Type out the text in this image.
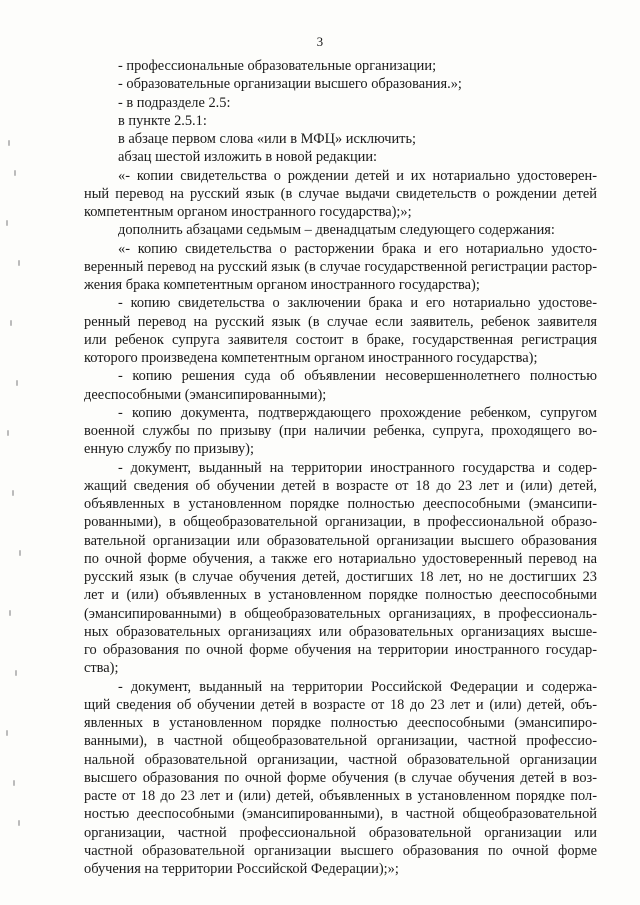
3
- профессиональные образовательные организации;
- образовательные организации высшего образования.»;
- в подразделе 2.5:
в пункте 2.5.1:
в абзаце первом слова «или в МФЦ» исключить;
абзац шестой изложить в новой редакции:
«- копии свидетельства о рождении детей и их нотариально удостоверен-
ный перевод на русский язык (в случае выдачи свидетельств о рождении детей
компетентным органом иностранного государства);»;
дополнить абзацами седьмым – двенадцатым следующего содержания:
«- копию свидетельства о расторжении брака и его нотариально удосто-
веренный перевод на русский язык (в случае государственной регистрации растор-
жения брака компетентным органом иностранного государства);
- копию свидетельства о заключении брака и его нотариально удостове-
ренный перевод на русский язык (в случае если заявитель, ребенок заявителя
или ребенок супруга заявителя состоит в браке, государственная регистрация
которого произведена компетентным органом иностранного государства);
- копию решения суда об объявлении несовершеннолетнего полностью
дееспособными (эмансипированными);
- копию документа, подтверждающего прохождение ребенком, супругом
военной службы по призыву (при наличии ребенка, супруга, проходящего во-
енную службу по призыву);
- документ, выданный на территории иностранного государства и содер-
жащий сведения об обучении детей в возрасте от 18 до 23 лет и (или) детей,
объявленных в установленном порядке полностью дееспособными (эмансипи-
рованными), в общеобразовательной организации, в профессиональной образо-
вательной организации или образовательной организации высшего образования
по очной форме обучения, а также его нотариально удостоверенный перевод на
русский язык (в случае обучения детей, достигших 18 лет, но не достигших 23
лет и (или) объявленных в установленном порядке полностью дееспособными
(эмансипированными) в общеобразовательных организациях, в профессиональ-
ных образовательных организациях или образовательных организациях высше-
го образования по очной форме обучения на территории иностранного государ-
ства);
- документ, выданный на территории Российской Федерации и содержа-
щий сведения об обучении детей в возрасте от 18 до 23 лет и (или) детей, объ-
явленных в установленном порядке полностью дееспособными (эмансипиро-
ванными), в частной общеобразовательной организации, частной профессио-
нальной образовательной организации, частной образовательной организации
высшего образования по очной форме обучения (в случае обучения детей в воз-
расте от 18 до 23 лет и (или) детей, объявленных в установленном порядке пол-
ностью дееспособными (эмансипированными), в частной общеобразовательной
организации, частной профессиональной образовательной организации или
частной образовательной организации высшего образования по очной форме
обучения на территории Российской Федерации);»;
